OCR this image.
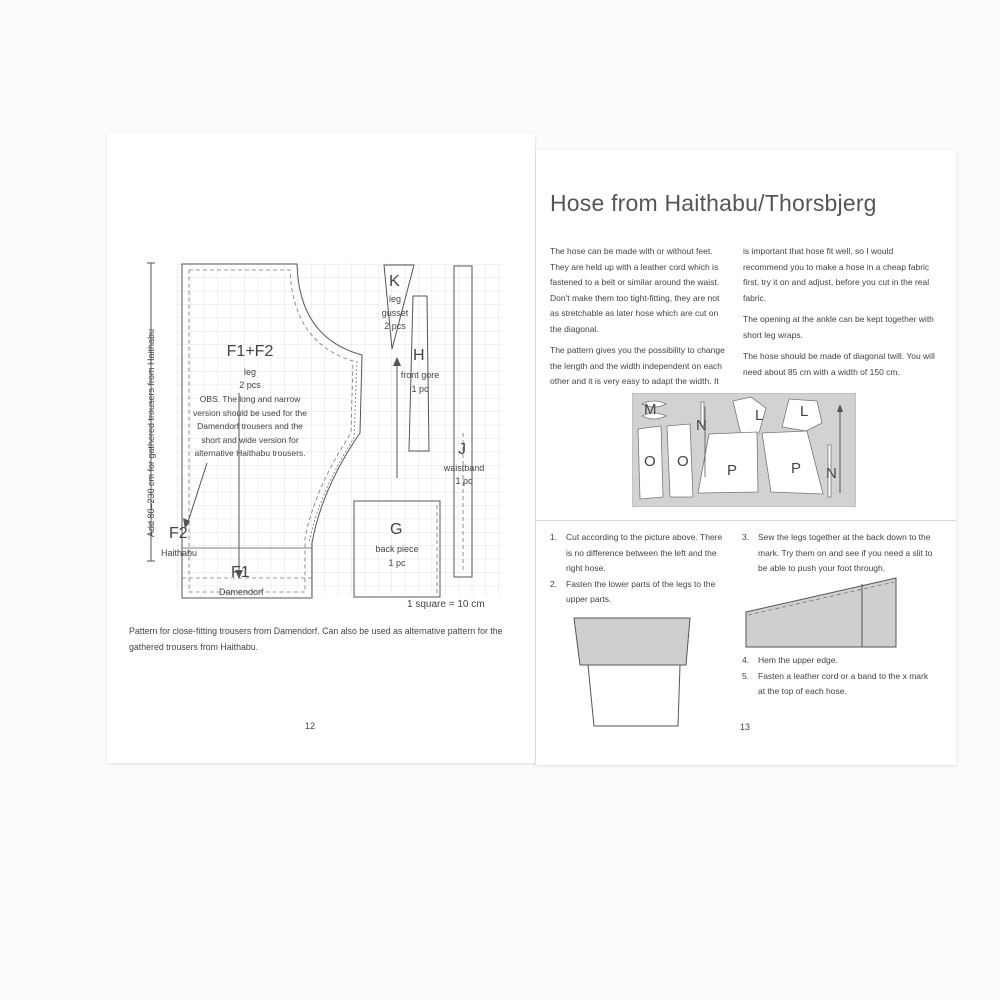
Add 80–230 cm for gathered trousers from Haithabu	F1+F2
leg
2 pcs
OBS. The long and narrow
version should be used for the
Damendorf trousers and the
short and wide version for
alternative Haithabu trousers.
F2
Haithabu
F1
Damendorf
K
leg
gusset
2 pcs
H
front gore
1 pc
J
waistband
1 pc
G
back piece
1 pc
1 square = 10 cm
Pattern for close-fitting trousers from Damendorf. Can also be used as alternative pattern for the
gathered trousers from Haithabu.
12
Hose from Haithabu/Thorsbjerg

The hose can be made with or without feet. They are held up with a leather cord which is fastened to a belt or similar around the waist. Don't make them too tight-fitting, they are not as stretchable as later hose which are cut on the diagonal.

The pattern gives you the possibility to change the length and the width independent on each other and it is very easy to adapt the width. It

is important that hose fit well, so I would recommend you to make a hose in a cheap fabric first, try it on and adjust, before you cut in the real fabric.

The opening at the ankle can be kept together with short leg wraps.

The hose should be made of diagonal twill. You will need about 85 cm with a width of 150 cm.

M
N
L L
O O
P	P N
1.	Cut according to the picture above. There is no difference between the left and the right hose.
2.	Fasten the lower parts of the legs to the upper parts.
3.	Sew the legs together at the back down to the mark. Try them on and see if you need a slit to be able to push your foot through.
4.	Hem the upper edge.
5.	Fasten a leather cord or a band to the x mark at the top of each hose.
13
